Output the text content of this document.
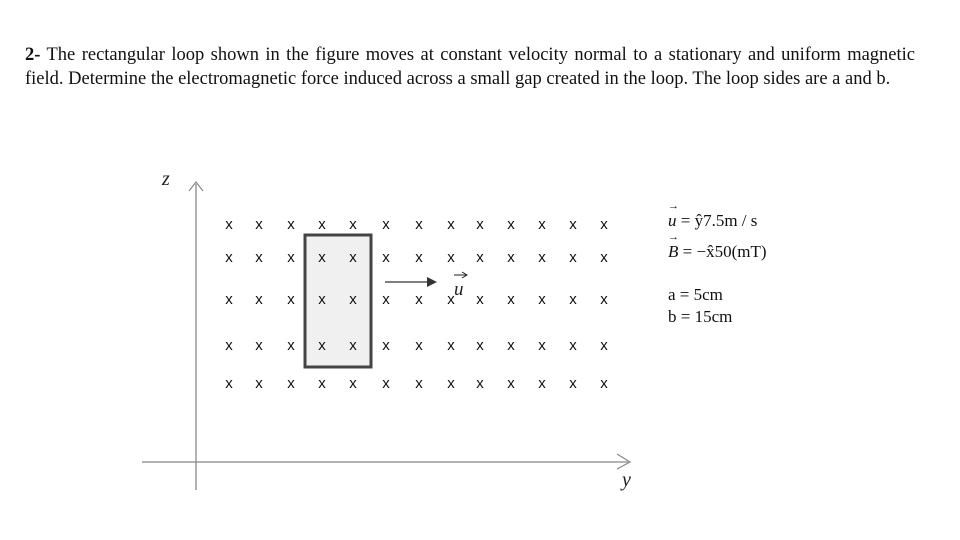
2- The rectangular loop shown in the figure moves at constant velocity normal to a stationary and uniform magnetic field. Determine the electromagnetic force induced across a small gap created in the loop. The loop sides are a and b.
z
y
x x x x x x x x x x x x x
x x x x x x x x x x x x x
x x x x x x x x x x x x x
x x x x x x x x x x x x x
x x x x x x x x x x x x x
u
→ u = ŷ7.5m / s
→ B = −x̂50(mT)
a = 5cm
b = 15cm
